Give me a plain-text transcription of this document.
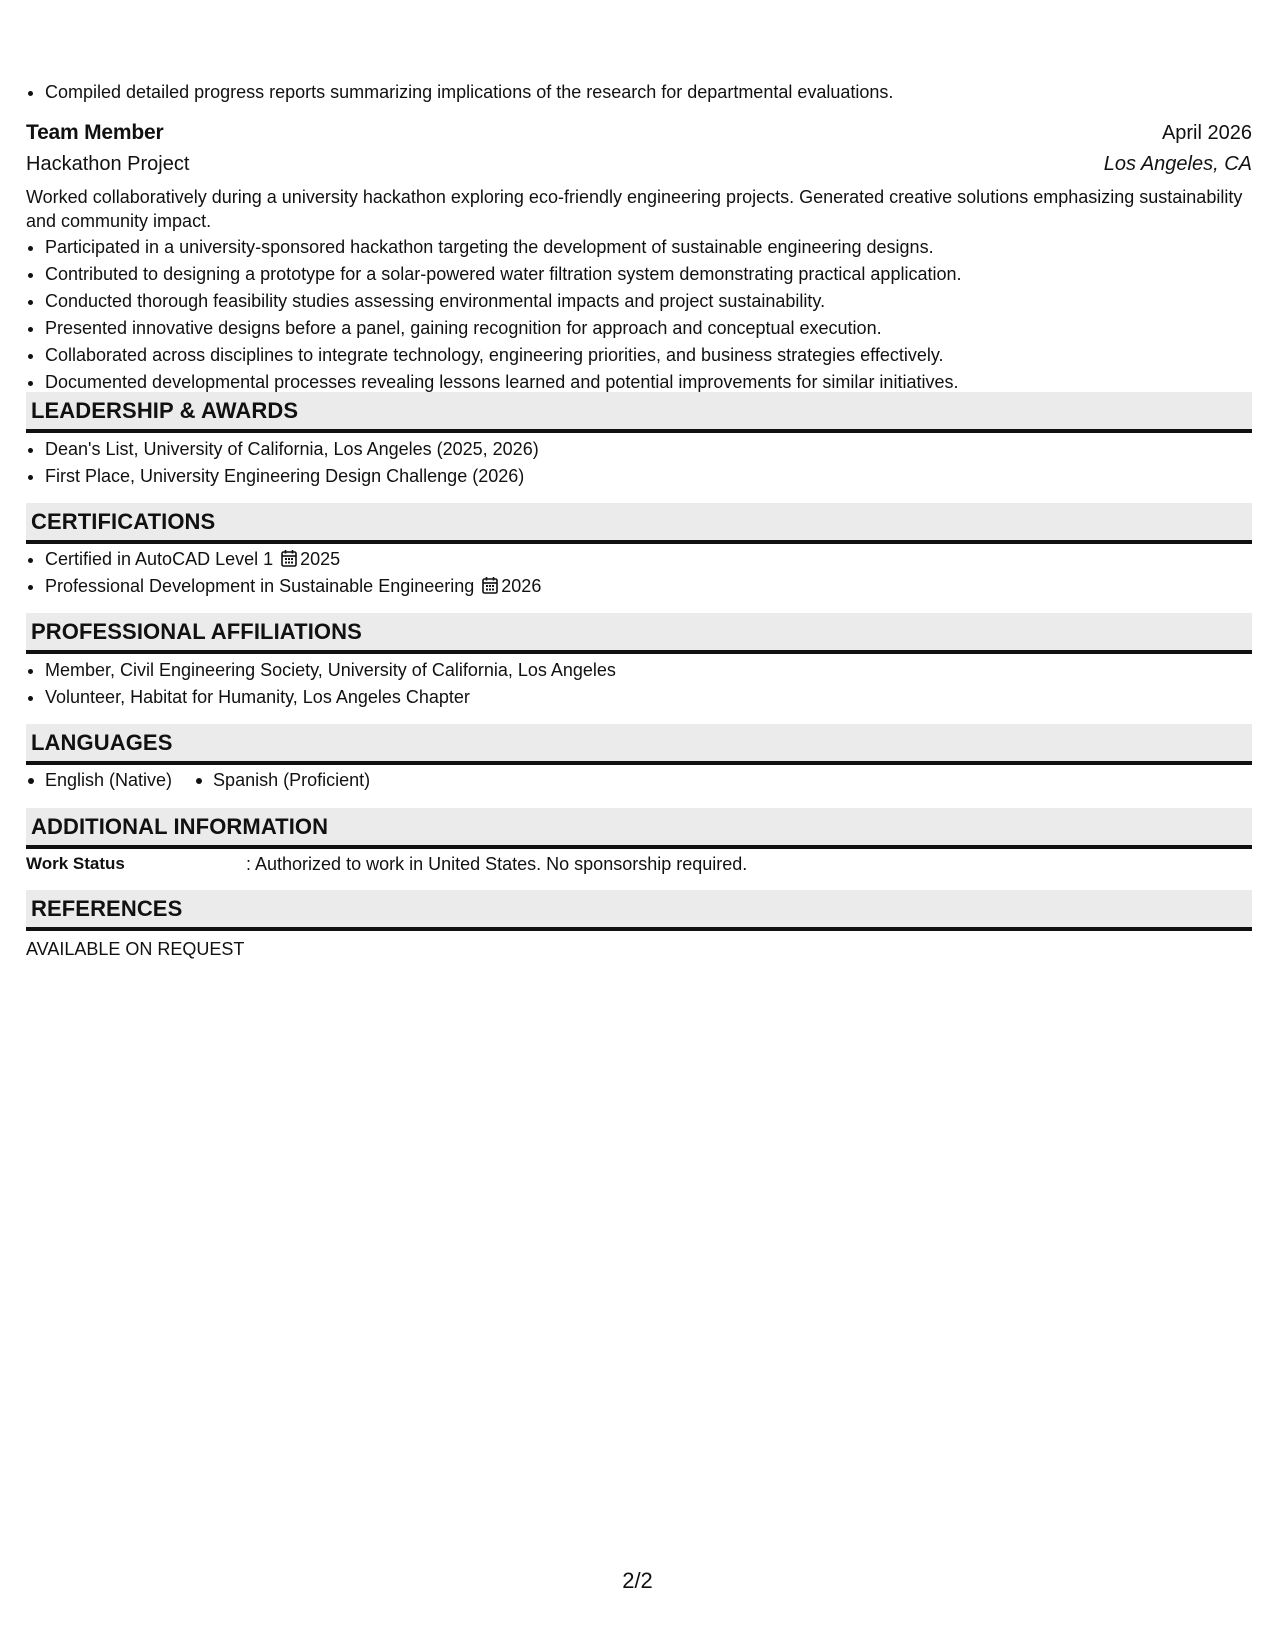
• Compiled detailed progress reports summarizing implications of the research for departmental evaluations.
Team Member	April 2026
Hackathon Project	Los Angeles, CA
Worked collaboratively during a university hackathon exploring eco-friendly engineering projects. Generated creative solutions emphasizing sustainability and community impact.
• Participated in a university-sponsored hackathon targeting the development of sustainable engineering designs.
• Contributed to designing a prototype for a solar-powered water filtration system demonstrating practical application.
• Conducted thorough feasibility studies assessing environmental impacts and project sustainability.
• Presented innovative designs before a panel, gaining recognition for approach and conceptual execution.
• Collaborated across disciplines to integrate technology, engineering priorities, and business strategies effectively.
• Documented developmental processes revealing lessons learned and potential improvements for similar initiatives.
LEADERSHIP & AWARDS
• Dean's List, University of California, Los Angeles (2025, 2026)
• First Place, University Engineering Design Challenge (2026)
CERTIFICATIONS
• Certified in AutoCAD Level 1 2025
• Professional Development in Sustainable Engineering 2026
PROFESSIONAL AFFILIATIONS
• Member, Civil Engineering Society, University of California, Los Angeles
• Volunteer, Habitat for Humanity, Los Angeles Chapter
LANGUAGES
English (Native)	Spanish (Proficient)
ADDITIONAL INFORMATION
Work Status	: Authorized to work in United States. No sponsorship required.
REFERENCES
AVAILABLE ON REQUEST
2/2
